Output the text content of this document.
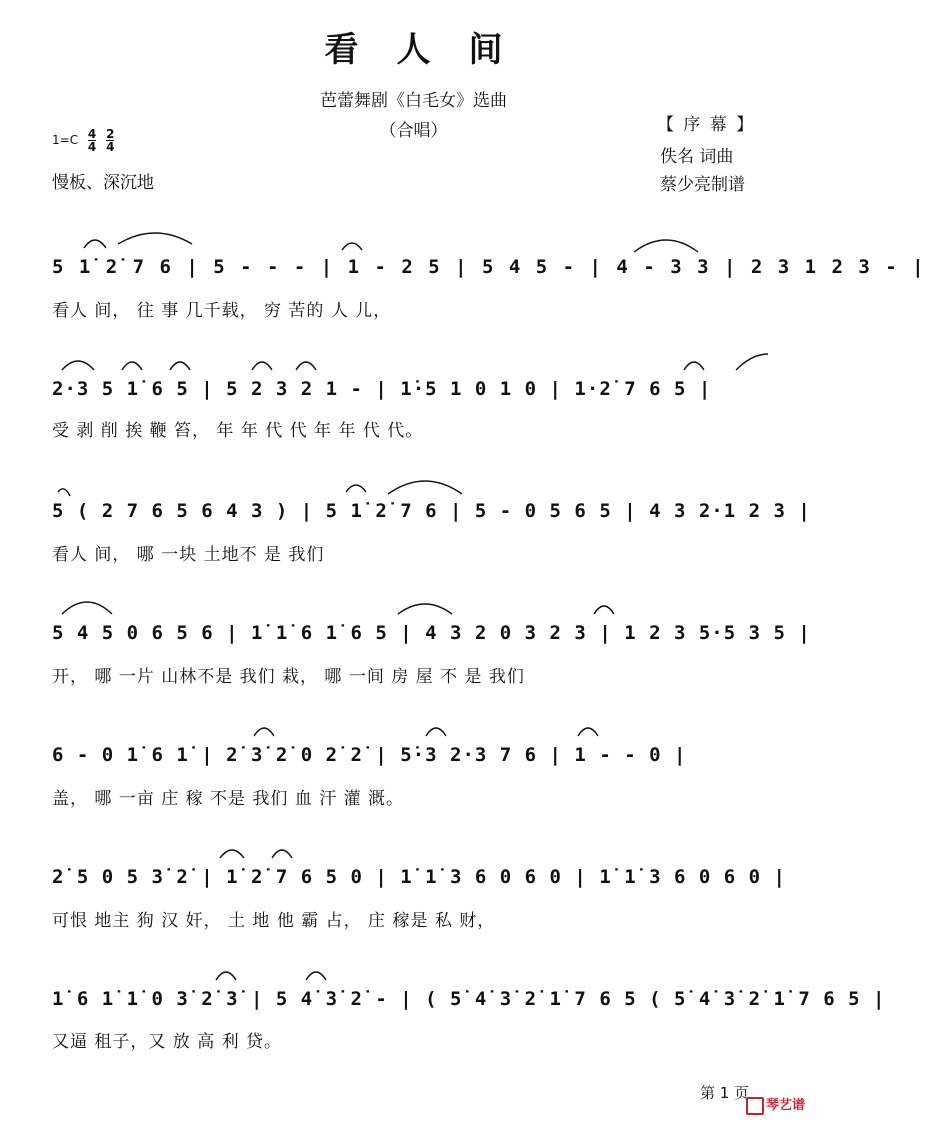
看人间
芭蕾舞剧《白毛女》选曲
（合唱）
$1=C \frac{4}{4}$
$\frac{2}{4}$
慢板、深沉地
【 序 幕 】
佚名 词曲
蔡少亮制谱
5 1̇ 2̇ 7 6 | 5 - - - | 1 - 2 5 | 5 4 5 - | 4 - 3 3 | 2 3 1 2 3 - |
看人 间， 往 事 几千载， 穷 苦的 人 儿，
2·3 5 1̇ 6 5 | 5 2 3 2 1 - | 1̇·5 1 0 1 0 | 1·2̇ 7 6 5 |
受 剥 削 挨 鞭 笞， 年 年 代 代 年 年 代 代。
5 ( 2 7 6 5 6 4 3 ) | 5 1̇ 2̇ 7 6 | 5 - 0 5 6 5 | 4 3 2·1 2 3 |
看人 间， 哪 一块 土地不 是 我们
5 4 5 0 6 5 6 | 1̇ 1̇ 6 1̇ 6 5 | 4 3 2 0 3 2 3 | 1 2 3 5·5 3 5 |
开， 哪 一片 山林不是 我们 栽， 哪 一间 房 屋 不 是 我们
6 - 0 1̇ 6 1̇ | 2̇ 3̇ 2̇ 0 2̇ 2̇ | 5̇·3 2·3 7 6 | 1 - - 0 |
盖， 哪 一亩 庄 稼 不是 我们 血 汗 灌 溉。
2̇ 5 0 5 3̇ 2̇ | 1̇ 2̇ 7 6 5 0 | 1̇ 1̇ 3 6 0 6 0 | 1̇ 1̇ 3 6 0 6 0 |
可恨 地主 狗 汉 奸， 土 地 他 霸 占， 庄 稼是 私 财，
1̇ 6 1̇ 1̇ 0 3̇ 2̇ 3̇ | 5 4̇ 3̇ 2̇ - | ( 5̇ 4̇ 3̇ 2̇ 1̇ 7 6 5 ( 5̇ 4̇ 3̇ 2̇ 1̇ 7 6 5 |
又逼 租子，又 放 高 利 贷。
第 1 页
琴艺谱
